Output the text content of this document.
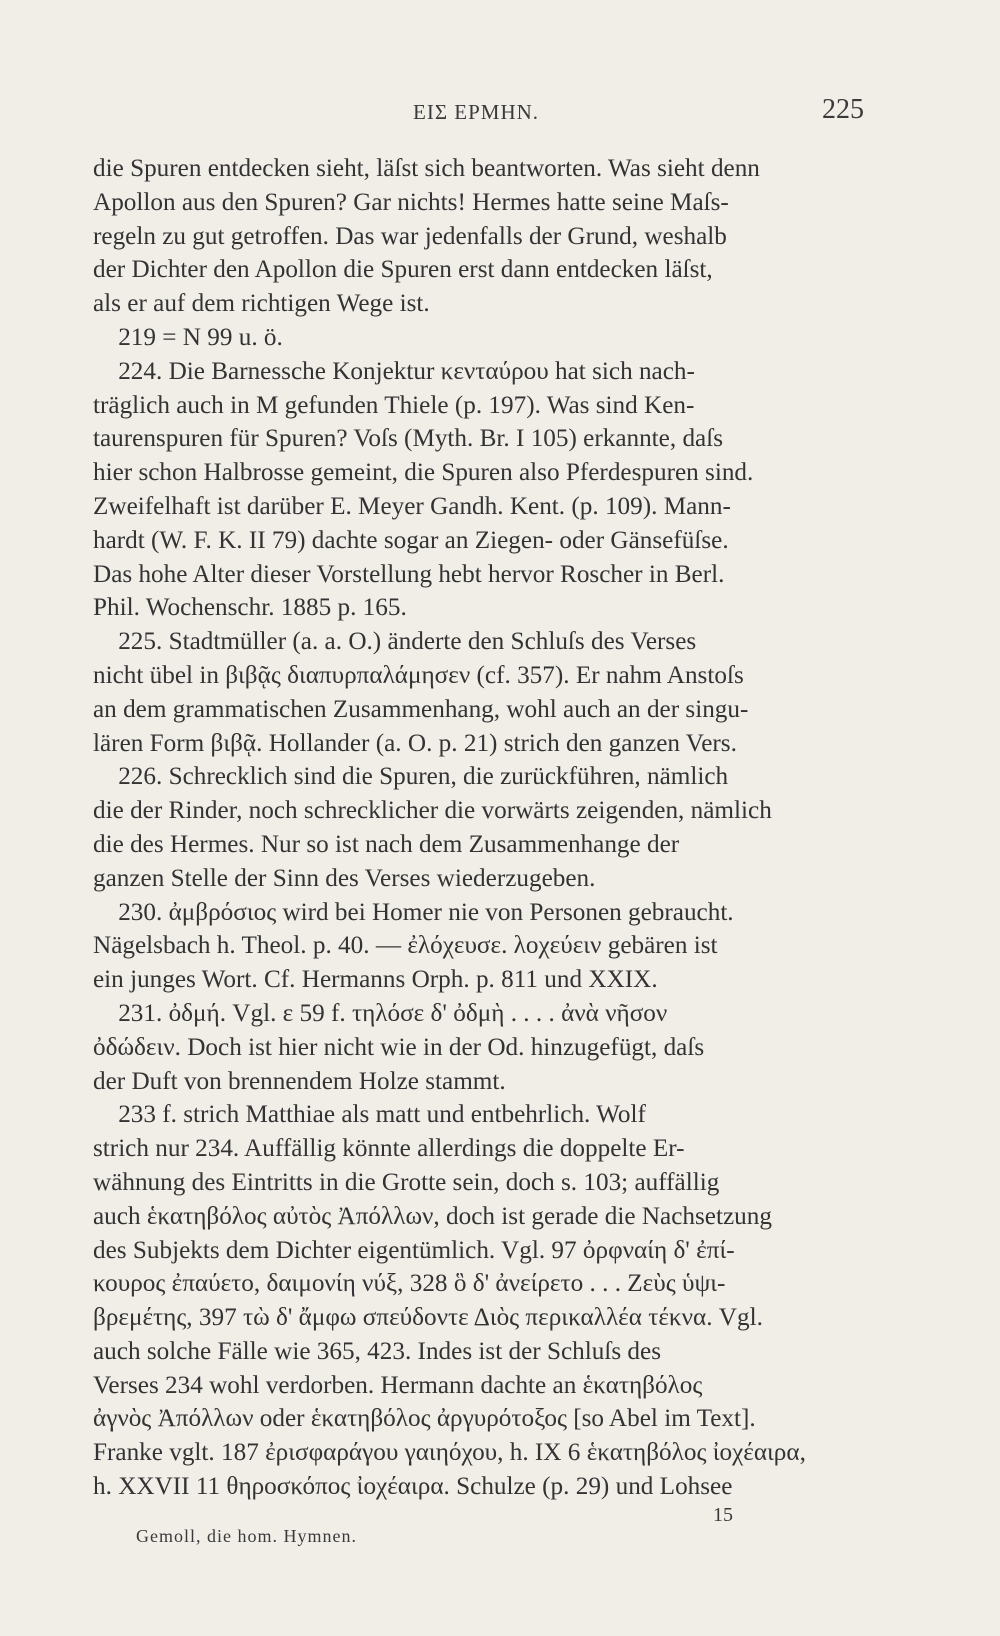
ΕΙΣ ΕΡΜΗΝ.	225
die Spuren entdecken sieht, läſst sich beantworten. Was sieht denn
Apollon aus den Spuren? Gar nichts! Hermes hatte seine Maſs-
regeln zu gut getroffen. Das war jedenfalls der Grund, weshalb
der Dichter den Apollon die Spuren erst dann entdecken läſst,
als er auf dem richtigen Wege ist.
219 = N 99 u. ö.
224. Die Barnessche Konjektur κενταύρου hat sich nach-
träglich auch in M gefunden Thiele (p. 197). Was sind Ken-
taurenspuren für Spuren? Voſs (Myth. Br. I 105) erkannte, daſs
hier schon Halbrosse gemeint, die Spuren also Pferdespuren sind.
Zweifelhaft ist darüber E. Meyer Gandh. Kent. (p. 109). Mann-
hardt (W. F. K. II 79) dachte sogar an Ziegen- oder Gänsefüſse.
Das hohe Alter dieser Vorstellung hebt hervor Roscher in Berl.
Phil. Wochenschr. 1885 p. 165.
225. Stadtmüller (a. a. O.) änderte den Schluſs des Verses
nicht übel in βιβᾷς διαπυρπαλάμησεν (cf. 357). Er nahm Anstoſs
an dem grammatischen Zusammenhang, wohl auch an der singu-
lären Form βιβᾷ. Hollander (a. O. p. 21) strich den ganzen Vers.
226. Schrecklich sind die Spuren, die zurückführen, nämlich
die der Rinder, noch schrecklicher die vorwärts zeigenden, nämlich
die des Hermes. Nur so ist nach dem Zusammenhange der
ganzen Stelle der Sinn des Verses wiederzugeben.
230. ἀμβρόσιος wird bei Homer nie von Personen gebraucht.
Nägelsbach h. Theol. p. 40. — ἐλόχευσε. λοχεύειν gebären ist
ein junges Wort. Cf. Hermanns Orph. p. 811 und XXIX.
231. ὀδμή. Vgl. ε 59 f. τηλόσε δ' ὀδμὴ . . . . ἀνὰ νῆσον
ὀδώδειν. Doch ist hier nicht wie in der Od. hinzugefügt, daſs
der Duft von brennendem Holze stammt.
233 f. strich Matthiae als matt und entbehrlich. Wolf
strich nur 234. Auffällig könnte allerdings die doppelte Er-
wähnung des Eintritts in die Grotte sein, doch s. 103; auffällig
auch ἑκατηβόλος αὐτὸς Ἀπόλλων, doch ist gerade die Nachsetzung
des Subjekts dem Dichter eigentümlich. Vgl. 97 ὀρφναίη δ' ἐπί-
κουρος ἐπαύετο, δαιμονίη νύξ, 328 ὃ δ' ἀνείρετο . . . Ζεὺς ὑψι-
βρεμέτης, 397 τὼ δ' ἄμφω σπεύδοντε Διὸς περικαλλέα τέκνα. Vgl.
auch solche Fälle wie 365, 423. Indes ist der Schluſs des
Verses 234 wohl verdorben. Hermann dachte an ἑκατηβόλος
ἀγνὸς Ἀπόλλων oder ἑκατηβόλος ἀργυρότοξος [so Abel im Text].
Franke vglt. 187 ἐρισφαράγου γαιηόχου, h. IX 6 ἑκατηβόλος ἰοχέαιρα,
h. XXVII 11 θηροσκόπος ἰοχέαιρα. Schulze (p. 29) und Lohsee
Gemoll, die hom. Hymnen.
15
